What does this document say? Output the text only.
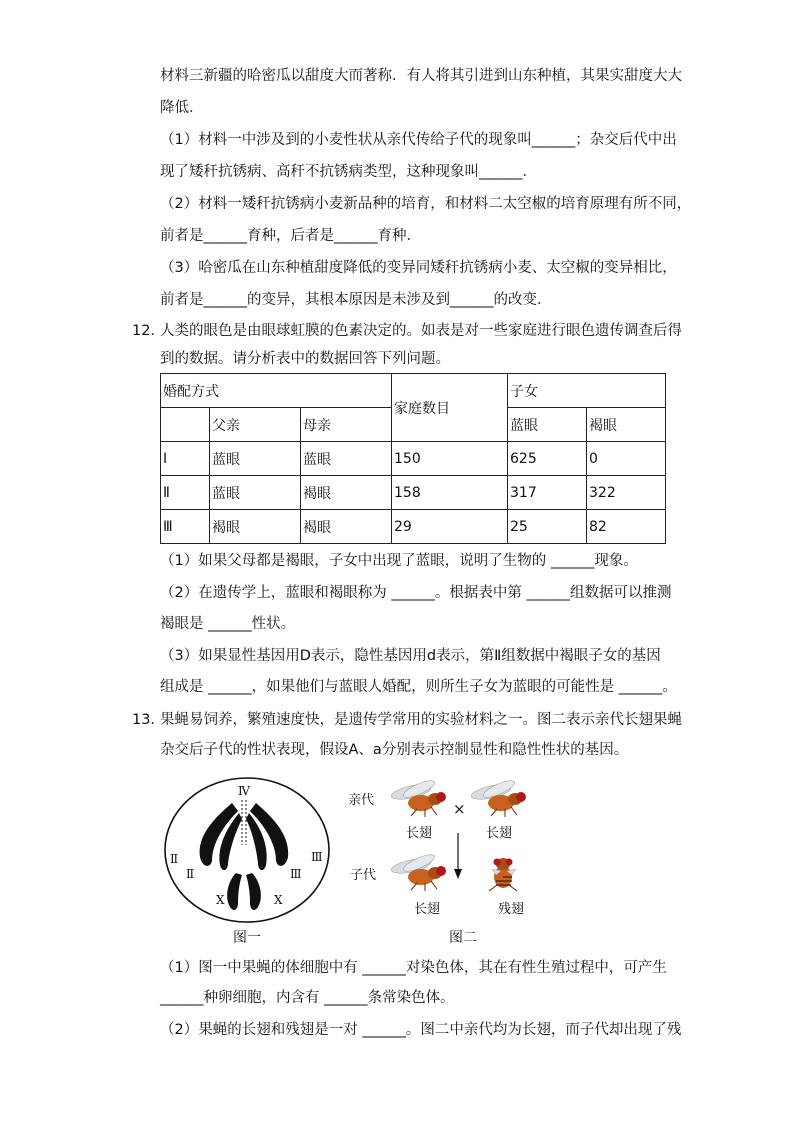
材料三新疆的哈密瓜以甜度大而著称．有人将其引进到山东种植，其果实甜度大大
降低．
（1）材料一中涉及到的小麦性状从亲代传给子代的现象叫______；杂交后代中出
现了矮秆抗锈病、高秆不抗锈病类型，这种现象叫______．
（2）材料一矮秆抗锈病小麦新品种的培育，和材料二太空椒的培育原理有所不同，
前者是______育种，后者是______育种．
（3）哈密瓜在山东种植甜度降低的变异同矮秆抗锈病小麦、太空椒的变异相比，
前者是______的变异，其根本原因是未涉及到______的改变．
12．
人类的眼色是由眼球虹膜的色素决定的。如表是对一些家庭进行眼色遗传调查后得
到的数据。请分析表中的数据回答下列问题。
婚配方式			家庭数目	子女	
	父亲	母亲		蓝眼	褐眼
Ⅰ	蓝眼	蓝眼	150	625	0
Ⅱ	蓝眼	褐眼	158	317	322
Ⅲ	褐眼	褐眼	29	25	82
（1）如果父母都是褐眼，子女中出现了蓝眼，说明了生物的 ______现象。
（2）在遗传学上，蓝眼和褐眼称为 ______。根据表中第 ______组数据可以推测
褐眼是 ______性状。
（3）如果显性基因用D表示，隐性基因用d表示，第Ⅱ组数据中褐眼子女的基因
组成是 ______，如果他们与蓝眼人婚配，则所生子女为蓝眼的可能性是 ______。
13．
果蝇易饲养，繁殖速度快，是遗传学常用的实验材料之一。图二表示亲代长翅果蝇
杂交后子代的性状表现，假设A、a分别表示控制显性和隐性性状的基因。
Ⅳ
Ⅱ
Ⅱ
Ⅲ
Ⅲ
X	X
图一
亲代	×
长翅	长翅
子代
长翅	残翅
图二
（1）图一中果蝇的体细胞中有 ______对染色体，其在有性生殖过程中，可产生
______种卵细胞，内含有 ______条常染色体。
（2）果蝇的长翅和残翅是一对 ______。图二中亲代均为长翅，而子代却出现了残
